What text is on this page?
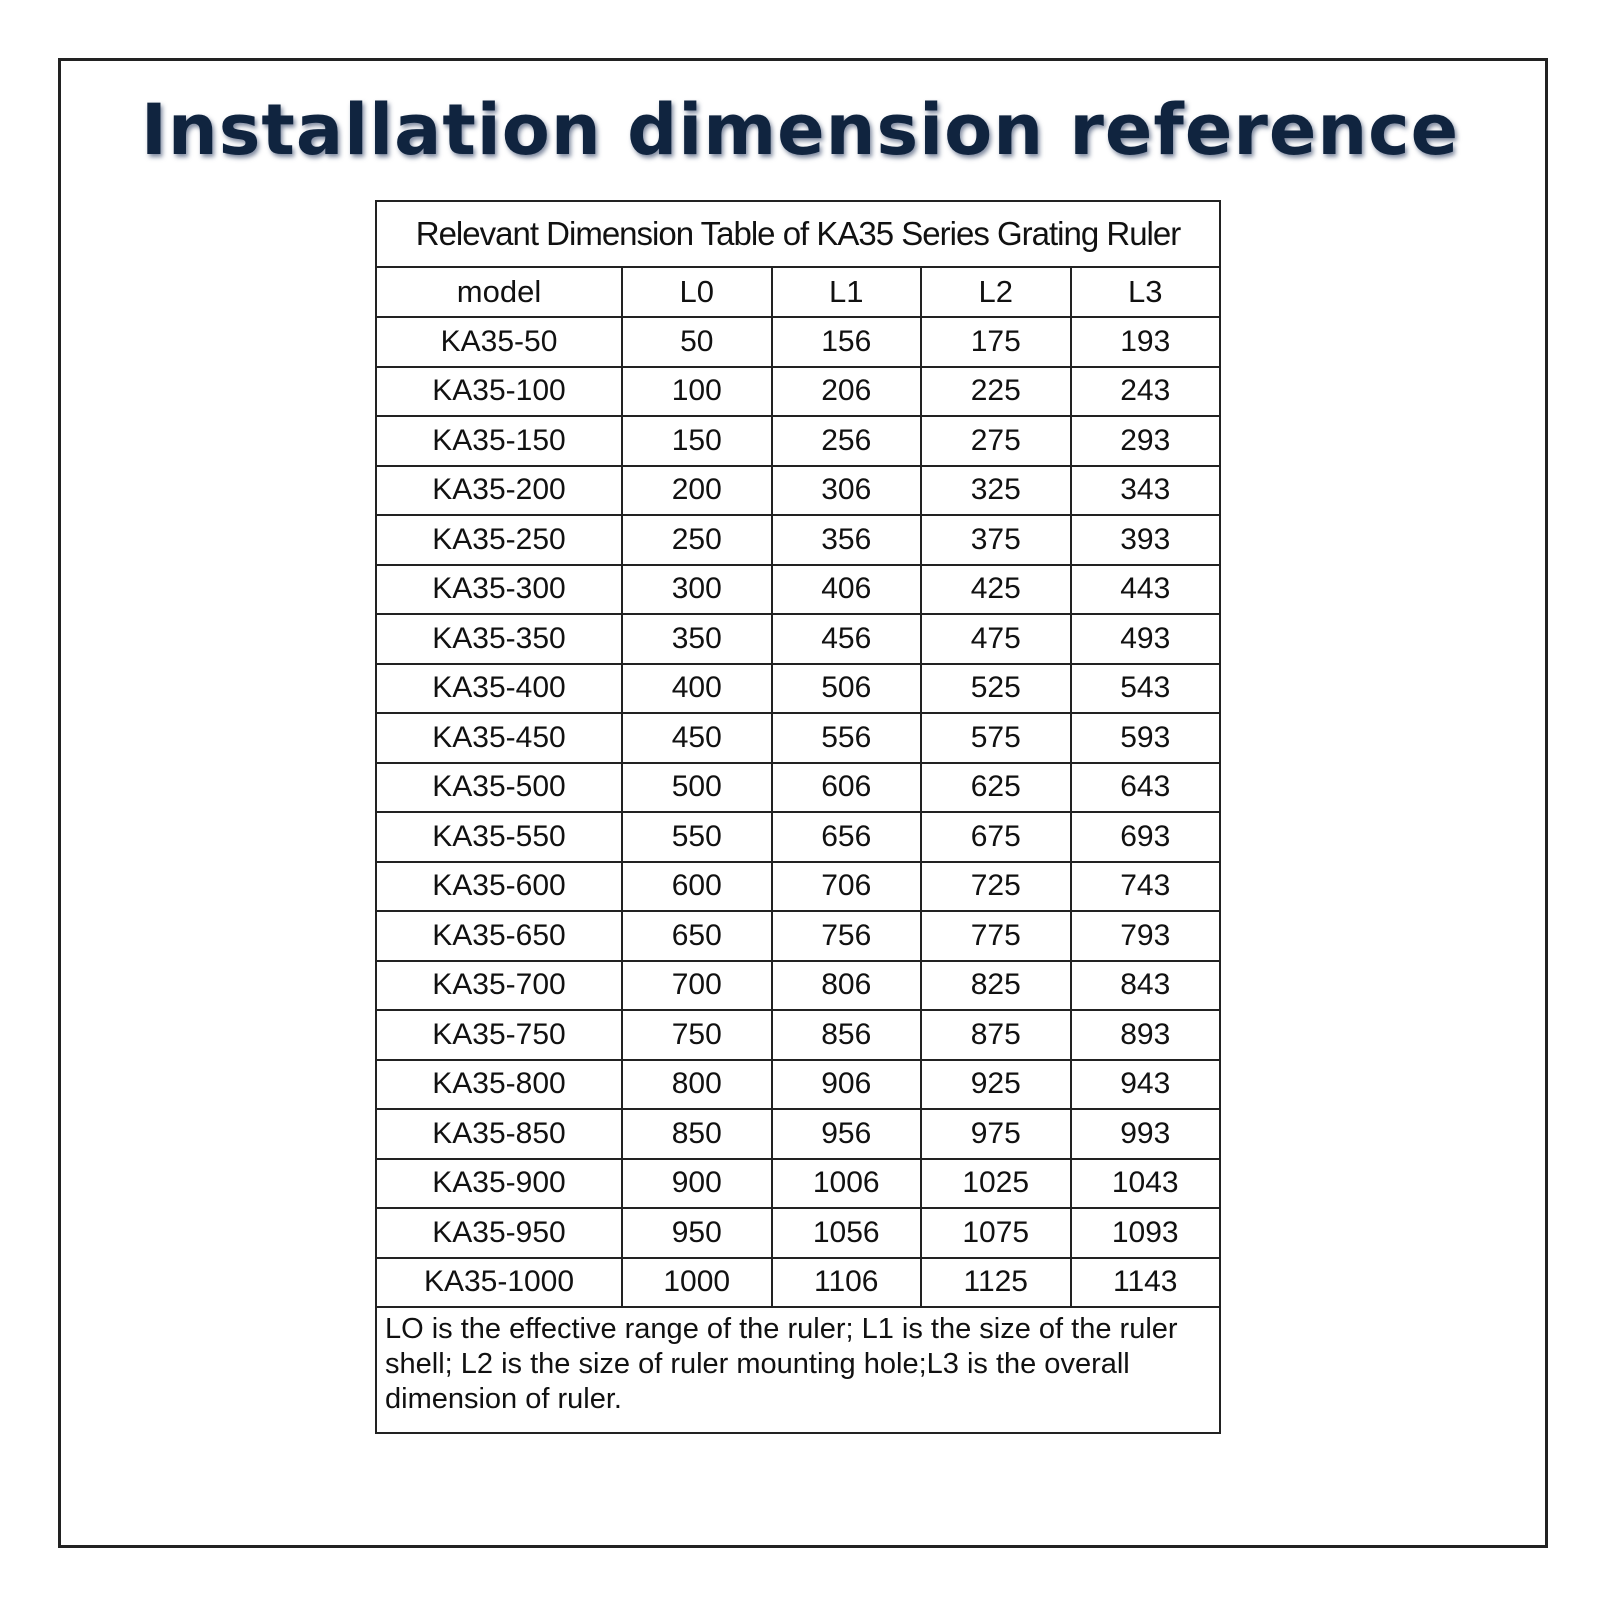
Installation dimension reference
Relevant Dimension Table of KA35 Series Grating Ruler				
model	L0	L1	L2	L3
KA35-50	50	156	175	193
KA35-100	100	206	225	243
KA35-150	150	256	275	293
KA35-200	200	306	325	343
KA35-250	250	356	375	393
KA35-300	300	406	425	443
KA35-350	350	456	475	493
KA35-400	400	506	525	543
KA35-450	450	556	575	593
KA35-500	500	606	625	643
KA35-550	550	656	675	693
KA35-600	600	706	725	743
KA35-650	650	756	775	793
KA35-700	700	806	825	843
KA35-750	750	856	875	893
KA35-800	800	906	925	943
KA35-850	850	956	975	993
KA35-900	900	1006	1025	1043
KA35-950	950	1056	1075	1093
KA35-1000	1000	1106	1125	1143
LO is the effective range of the ruler; L1 is the size of the ruler shell; L2 is the size of ruler mounting hole;L3 is the overall dimension of ruler.				
